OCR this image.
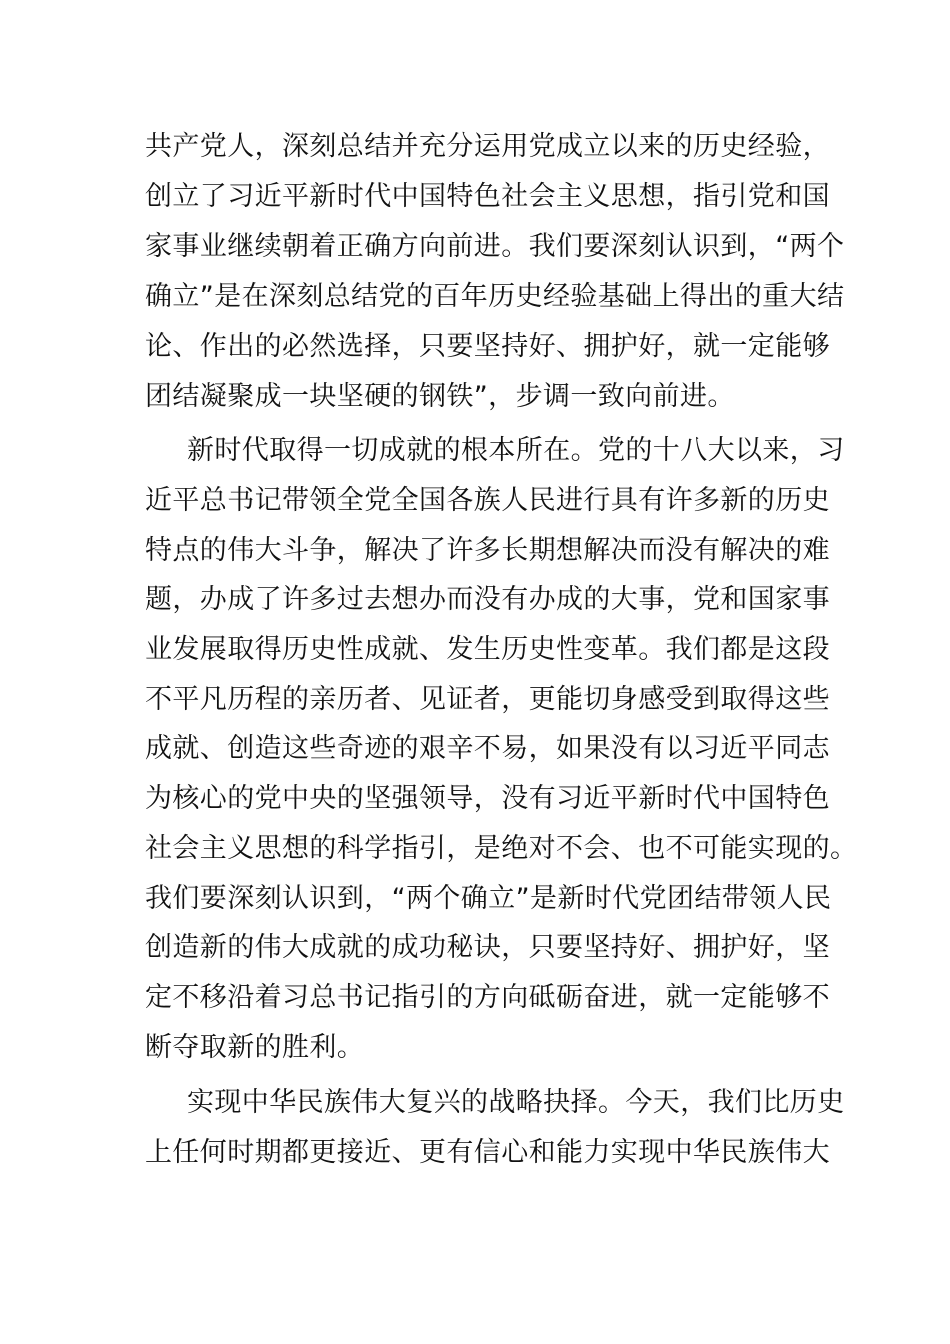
共产党人，深刻总结并充分运用党成立以来的历史经验，
创立了习近平新时代中国特色社会主义思想，指引党和国
家事业继续朝着正确方向前进。我们要深刻认识到，“两个
确立”是在深刻总结党的百年历史经验基础上得出的重大结
论、作出的必然选择，只要坚持好、拥护好，就一定能够
团结凝聚成一块坚硬的钢铁”，步调一致向前进。
新时代取得一切成就的根本所在。党的十八大以来，习
近平总书记带领全党全国各族人民进行具有许多新的历史
特点的伟大斗争，解决了许多长期想解决而没有解决的难
题，办成了许多过去想办而没有办成的大事，党和国家事
业发展取得历史性成就、发生历史性变革。我们都是这段
不平凡历程的亲历者、见证者，更能切身感受到取得这些
成就、创造这些奇迹的艰辛不易，如果没有以习近平同志
为核心的党中央的坚强领导，没有习近平新时代中国特色
社会主义思想的科学指引，是绝对不会、也不可能实现的。
我们要深刻认识到，“两个确立”是新时代党团结带领人民
创造新的伟大成就的成功秘诀，只要坚持好、拥护好，坚
定不移沿着习总书记指引的方向砥砺奋进，就一定能够不
断夺取新的胜利。
实现中华民族伟大复兴的战略抉择。今天，我们比历史
上任何时期都更接近、更有信心和能力实现中华民族伟大
